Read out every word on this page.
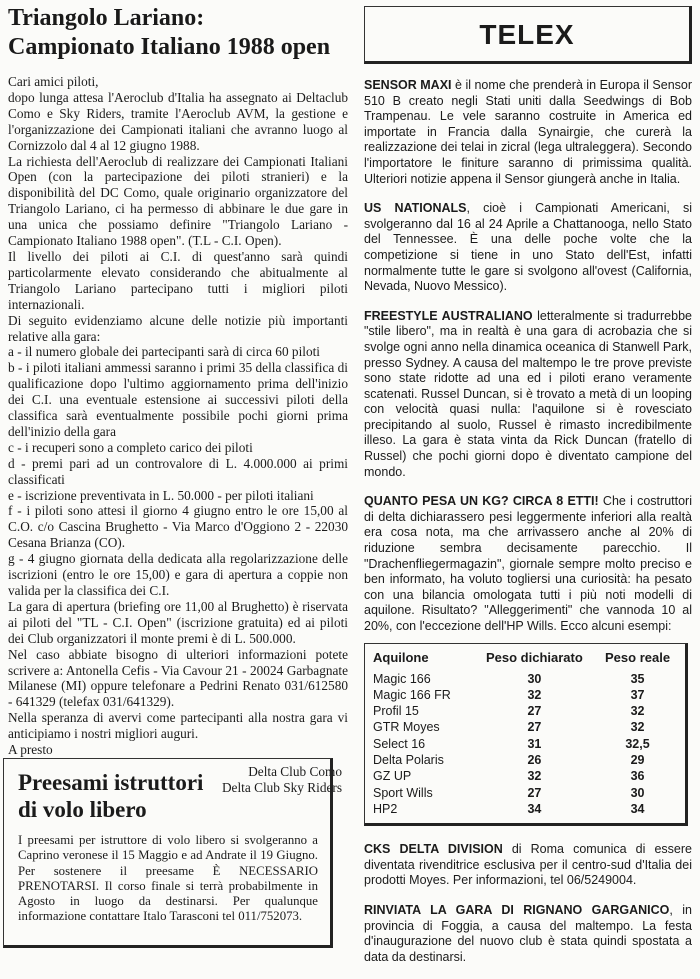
Triangolo Lariano:
Campionato Italiano 1988 open

Cari amici piloti,

dopo lunga attesa l'Aeroclub d'Italia ha assegnato ai Deltaclub Como e Sky Riders, tramite l'Aeroclub AVM, la gestione e l'organizzazione dei Campionati italiani che avranno luogo al Cornizzolo dal 4 al 12 giugno 1988.

La richiesta dell'Aeroclub di realizzare dei Campionati Italiani Open (con la partecipazione dei piloti stranieri) e la disponibilità del DC Como, quale originario organizzatore del Triangolo Lariano, ci ha permesso di abbinare le due gare in una unica che possiamo definire "Triangolo Lariano - Campionato Italiano 1988 open". (T.L - C.I. Open).

Il livello dei piloti ai C.I. di quest'anno sarà quindi particolarmente elevato considerando che abitualmente al Triangolo Lariano partecipano tutti i migliori piloti internazionali.

Di seguito evidenziamo alcune delle notizie più importanti relative alla gara:

a - il numero globale dei partecipanti sarà di circa 60 piloti

b - i piloti italiani ammessi saranno i primi 35 della classifica di qualificazione dopo l'ultimo aggiornamento prima dell'inizio dei C.I. una eventuale estensione ai successivi piloti della classifica sarà eventualmente possibile pochi giorni prima dell'inizio della gara

c - i recuperi sono a completo carico dei piloti

d - premi pari ad un controvalore di L. 4.000.000 ai primi classificati

e - iscrizione preventivata in L. 50.000 - per piloti italiani

f - i piloti sono attesi il giorno 4 giugno entro le ore 15,00 al C.O. c/o Cascina Brughetto - Via Marco d'Oggiono 2 - 22030 Cesana Brianza (CO).

g - 4 giugno giornata della dedicata alla regolarizzazione delle iscrizioni (entro le ore 15,00) e gara di apertura a coppie non valida per la classifica dei C.I.

La gara di apertura (briefing ore 11,00 al Brughetto) è riservata ai piloti del "TL - C.I. Open" (iscrizione gratuita) ed ai piloti dei Club organizzatori il monte premi è di L. 500.000.

Nel caso abbiate bisogno di ulteriori informazioni potete scrivere a: Antonella Cefis - Via Cavour 21 - 20024 Garbagnate Milanese (MI) oppure telefonare a Pedrini Renato 031/612580 - 641329 (telefax 031/641329).

Nella speranza di avervi come partecipanti alla nostra gara vi anticipiamo i nostri migliori auguri.

A presto

Delta Club Como
Delta Club Sky Riders
Preesami istruttori
di volo libero

I preesami per istruttore di volo libero si svolgeranno a Caprino veronese il 15 Maggio e ad Andrate il 19 Giugno. Per sostenere il preesame È NECESSARIO PRENOTARSI. Il corso finale si terrà probabilmente in Agosto in luogo da destinarsi. Per qualunque informazione contattare Italo Tarasconi tel 011/752073.

TELEX

SENSOR MAXI è il nome che prenderà in Europa il Sensor 510 B creato negli Stati uniti dalla Seedwings di Bob Trampenau. Le vele saranno costruite in America ed importate in Francia dalla Synairgie, che curerà la realizzazione dei telai in zicral (lega ultraleggera). Secondo l'importatore le finiture saranno di primissima qualità. Ulteriori notizie appena il Sensor giungerà anche in Italia.

US NATIONALS, cioè i Campionati Americani, si svolgeranno dal 16 al 24 Aprile a Chattanooga, nello Stato del Tennessee. È una delle poche volte che la competizione si tiene in uno Stato dell'Est, infatti normalmente tutte le gare si svolgono all'ovest (California, Nevada, Nuovo Messico).

FREESTYLE AUSTRALIANO letteralmente si tradurrebbe "stile libero", ma in realtà è una gara di acrobazia che si svolge ogni anno nella dinamica oceanica di Stanwell Park, presso Sydney. A causa del maltempo le tre prove previste sono state ridotte ad una ed i piloti erano veramente scatenati. Russel Duncan, si è trovato a metà di un looping con velocità quasi nulla: l'aquilone si è rovesciato precipitando al suolo, Russel è rimasto incredibilmente illeso. La gara è stata vinta da Rick Duncan (fratello di Russel) che pochi giorni dopo è diventato campione del mondo.

QUANTO PESA UN KG? CIRCA 8 ETTI! Che i costruttori di delta dichiarassero pesi leggermente inferiori alla realtà era cosa nota, ma che arrivassero anche al 20% di riduzione sembra decisamente parecchio. Il "Drachenfliegermagazin", giornale sempre molto preciso e ben informato, ha voluto togliersi una curiosità: ha pesato con una bilancia omologata tutti i più noti modelli di aquilone. Risultato? "Alleggerimenti" che vannoda 10 al 20%, con l'eccezione dell'HP Wills. Ecco alcuni esempi:

Aquilone	Peso dichiarato	Peso reale
Magic 166	30	35
Magic 166 FR	32	37
Profil 15	27	32
GTR Moyes	27	32
Select 16	31	32,5
Delta Polaris	26	29
GZ UP	32	36
Sport Wills	27	30
HP2	34	34

CKS DELTA DIVISION di Roma comunica di essere diventata rivenditrice esclusiva per il centro-sud d'Italia dei prodotti Moyes. Per informazioni, tel 06/5249004.

RINVIATA LA GARA DI RIGNANO GARGANICO, in provincia di Foggia, a causa del maltempo. La festa d'inaugurazione del nuovo club è stata quindi spostata a data da destinarsi.
